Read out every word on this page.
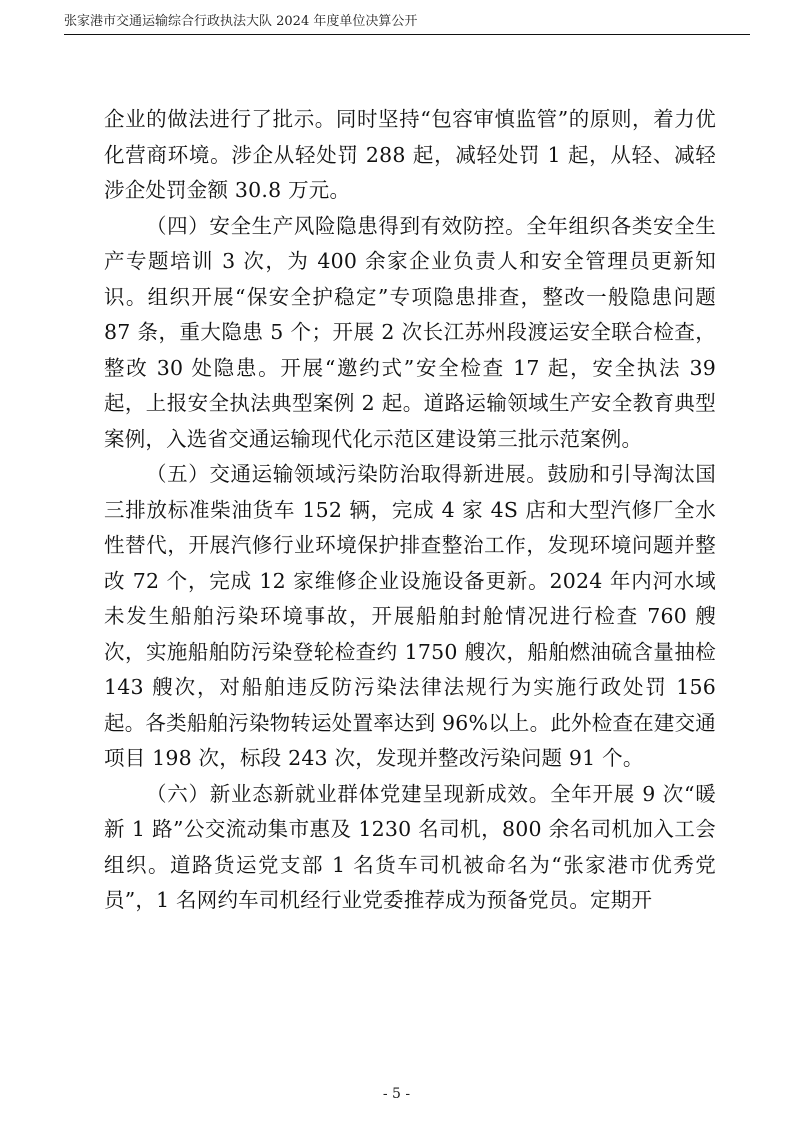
张家港市交通运输综合行政执法大队 2024 年度单位决算公开

企业的做法进行了批示。同时坚持“包容审慎监管”的原则，着力优化营商环境。涉企从轻处罚 288 起，减轻处罚 1 起，从轻、减轻涉企处罚金额 30.8 万元。

（四）安全生产风险隐患得到有效防控。全年组织各类安全生产专题培训 3 次，为 400 余家企业负责人和安全管理员更新知识。组织开展“保安全护稳定”专项隐患排查，整改一般隐患问题 87 条，重大隐患 5 个；开展 2 次长江苏州段渡运安全联合检查，整改 30 处隐患。开展“邀约式”安全检查 17 起，安全执法 39 起，上报安全执法典型案例 2 起。道路运输领域生产安全教育典型案例，入选省交通运输现代化示范区建设第三批示范案例。

（五）交通运输领域污染防治取得新进展。鼓励和引导淘汰国三排放标准柴油货车 152 辆，完成 4 家 4S 店和大型汽修厂全水性替代，开展汽修行业环境保护排查整治工作，发现环境问题并整改 72 个，完成 12 家维修企业设施设备更新。2024 年内河水域未发生船舶污染环境事故，开展船舶封舱情况进行检查 760 艘次，实施船舶防污染登轮检查约 1750 艘次，船舶燃油硫含量抽检 143 艘次，对船舶违反防污染法律法规行为实施行政处罚 156 起。各类船舶污染物转运处置率达到 96%以上。此外检查在建交通项目 198 次，标段 243 次，发现并整改污染问题 91 个。

（六）新业态新就业群体党建呈现新成效。全年开展 9 次“暖新 1 路”公交流动集市惠及 1230 名司机，800 余名司机加入工会组织。道路货运党支部 1 名货车司机被命名为“张家港市优秀党员”，1 名网约车司机经行业党委推荐成为预备党员。定期开

- 5 -
